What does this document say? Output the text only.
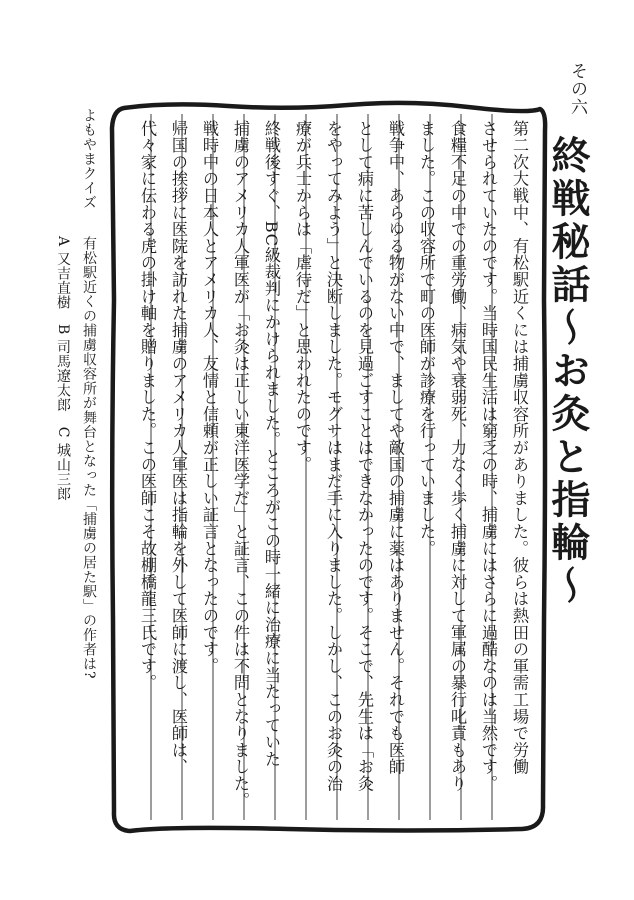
その六
終戦秘話〜お灸と指輪〜
第二次大戦中、有松駅近くには捕虜収容所がありました。彼らは熱田の軍需工場で労働
させられていたのです。当時国民生活は窮乏の時、捕虜にはさらに過酷なのは当然です。
食糧不足の中での重労働、病気や衰弱死、力なく歩く捕虜に対して軍属の暴行叱責もあり
ました。この収容所で町の医師が診療を行っていました。
戦争中、あらゆる物がない中で、ましてや敵国の捕虜に薬はありません。それでも医師
として病に苦しんでいるのを見過ごすことはできなかったのです。そこで、先生は「お灸
をやってみよう」と決断しました。モグサはまだ手に入りました。しかし、このお灸の治
療が兵士からは「虐待だ」と思われたのです。
終戦後すぐ、BC級裁判にかけられました。ところがこの時一緒に治療に当たっていた
捕虜のアメリカ人軍医が「お灸は正しい東洋医学だ」と証言、この件は不問となりました。
戦時中の日本人とアメリカ人、友情と信頼が正しい証言となったのです。
帰国の挨拶に医院を訪れた捕虜のアメリカ人軍医は指輪を外して医師に渡し、医師は、
代々家に伝わる虎の掛け軸を贈りました。この医師こそ故棚橋龍三氏です。
よもやまクイズ
有松駅近くの捕虜収容所が舞台となった「捕虜の居た駅」の作者は?
A 又吉直樹　B 司馬遼太郎　C 城山三郎
